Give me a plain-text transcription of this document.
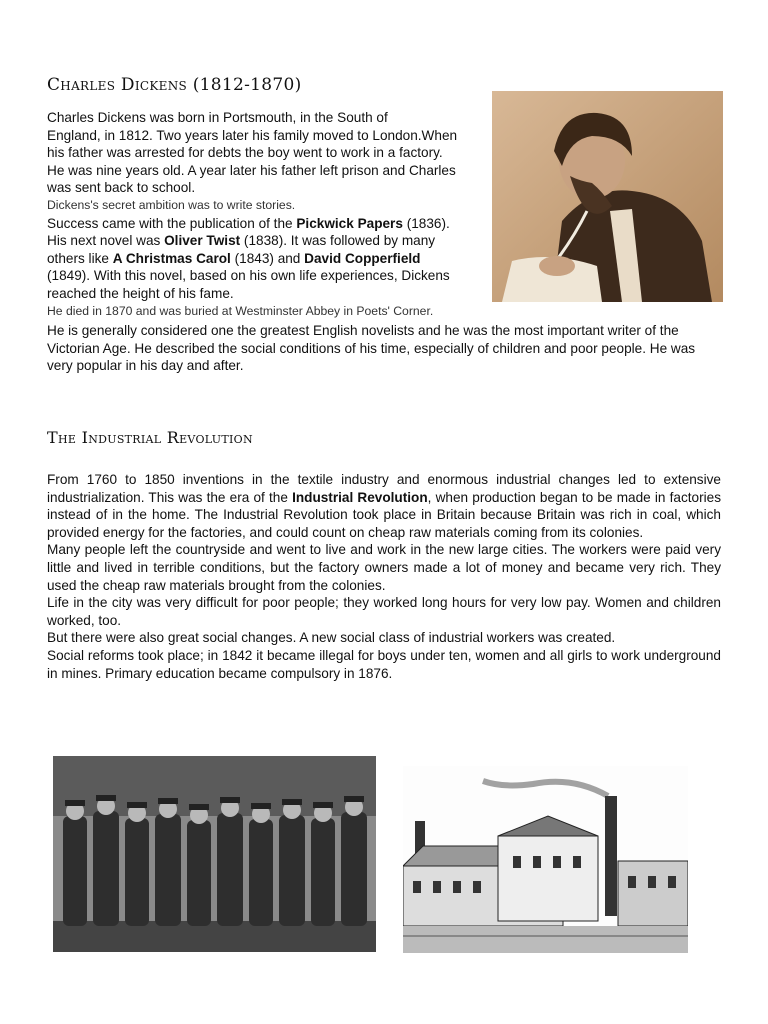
Charles Dickens (1812-1870)

Charles Dickens was born in Portsmouth, in the South of
England, in 1812. Two years later his family moved to London.When
his father was arrested for debts the boy went to work in a factory.
He was nine years old. A year later his father left prison and Charles
was sent back to school.
Dickens's secret ambition was to write stories.
Success came with the publication of the Pickwick Papers (1836).
His next novel was Oliver Twist (1838). It was followed by many
others like A Christmas Carol (1843) and David Copperfield
(1849). With this novel, based on his own life experiences, Dickens
reached the height of his fame.
He died in 1870 and was buried at Westminster Abbey in Poets' Corner.

He is generally considered one the greatest English novelists and he was the most important writer of the Victorian Age. He described the social conditions of his time, especially of children and poor people. He was very popular in his day and after.

The Industrial Revolution
From 1760 to 1850 inventions in the textile industry and enormous industrial changes led to extensive industrialization. This was the era of the Industrial Revolution, when production began to be made in factories instead of in the home. The Industrial Revolution took place in Britain because Britain was rich in coal, which provided energy for the factories, and could count on cheap raw materials coming from its colonies.
Many people left the countryside and went to live and work in the new large cities. The workers were paid very little and lived in terrible conditions, but the factory owners made a lot of money and became very rich. They used the cheap raw materials brought from the colonies.
Life in the city was very difficult for poor people; they worked long hours for very low pay. Women and children worked, too.
But there were also great social changes. A new social class of industrial workers was created.
Social reforms took place; in 1842 it became illegal for boys under ten, women and all girls to work underground in mines. Primary education became compulsory in 1876.
